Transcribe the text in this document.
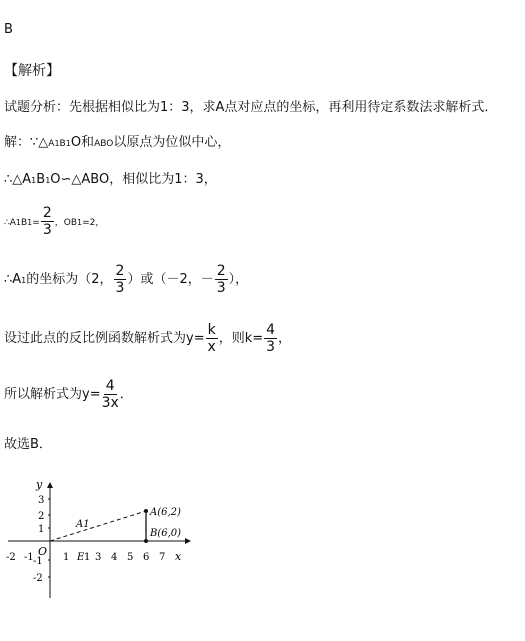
B
【解析】
试题分析：先根据相似比为1：3，求A点对应点的坐标，再利用待定系数法求解析式．
解：∵△A1B1O和ABO以原点为位似中心，
∴△A1B1O∽△ABO，相似比为1：3，
∴A1B1= $\frac{2}{3}$ ，OB1=2，
∴A1的坐标为（2， $\frac{2}{3}$ ）或（－2，－ $\frac{2}{3}$ ），
设过此点的反比例函数解析式为$y= \frac{k}{x}$ ，则$k= \frac{4}{3}$ ，
所以解析式为$y= \frac{4}{3x}$ ．
故选B．
y
x
O
3
2
1
-1
-2
-2 -1	1 E 1 3 4 5 6 7
A(6,2)
B(6,0)
A1
